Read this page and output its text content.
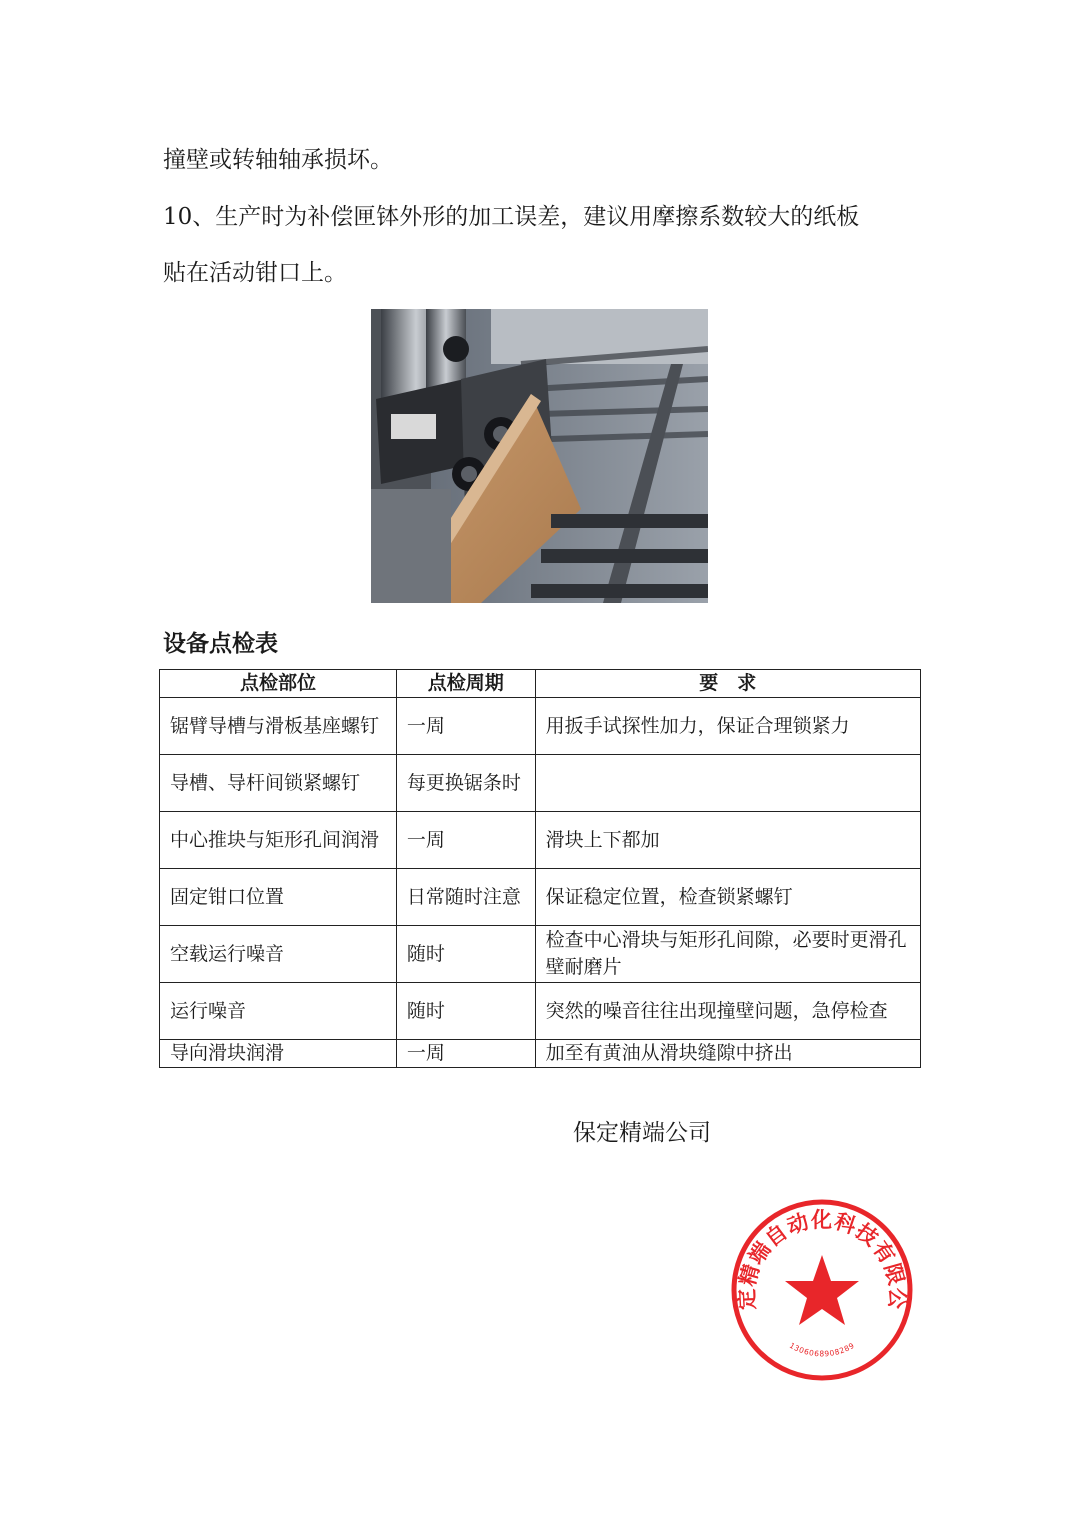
撞壁或转轴轴承损坏。
10、生产时为补偿匣钵外形的加工误差，建议用摩擦系数较大的纸板
贴在活动钳口上。
设备点检表
点检部位	点检周期	要　求
锯臂导槽与滑板基座螺钉	一周	用扳手试探性加力，保证合理锁紧力
导槽、导杆间锁紧螺钉	每更换锯条时	
中心推块与矩形孔间润滑	一周	滑块上下都加
固定钳口位置	日常随时注意	保证稳定位置，检查锁紧螺钉
空载运行噪音	随时	检查中心滑块与矩形孔间隙，必要时更滑孔壁耐磨片
运行噪音	随时	突然的噪音往往出现撞壁问题，急停检查
导向滑块润滑	一周	加至有黄油从滑块缝隙中挤出
保定精端公司
定精端自动化科技有限公
1306068908289
